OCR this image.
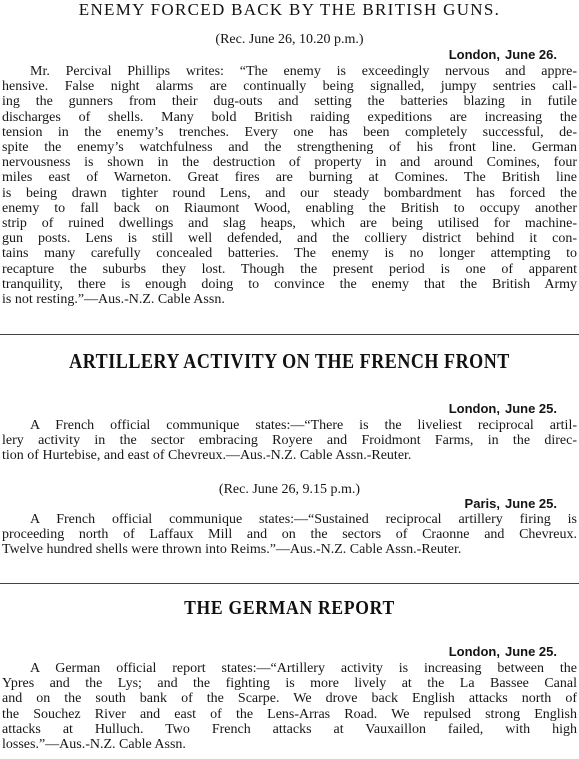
ENEMY FORCED BACK BY THE BRITISH GUNS.

(Rec. June 26, 10.20 p.m.)

London, June 26.

Mr. Percival Phillips writes: “The enemy is exceedingly nervous and appre-
hensive. False night alarms are continually being signalled, jumpy sentries call-
ing the gunners from their dug-outs and setting the batteries blazing in futile
discharges of shells. Many bold British raiding expeditions are increasing the
tension in the enemy’s trenches. Every one has been completely successful, de-
spite the enemy’s watchfulness and the strengthening of his front line. German
nervousness is shown in the destruction of property in and around Comines, four
miles east of Warneton. Great fires are burning at Comines. The British line
is being drawn tighter round Lens, and our steady bombardment has forced the
enemy to fall back on Riaumont Wood, enabling the British to occupy another
strip of ruined dwellings and slag heaps, which are being utilised for machine-
gun posts. Lens is still well defended, and the colliery district behind it con-
tains many carefully concealed batteries. The enemy is no longer attempting to
recapture the suburbs they lost. Though the present period is one of apparent
tranquility, there is enough doing to convince the enemy that the British Army
is not resting.”—Aus.-N.Z. Cable Assn.
ARTILLERY ACTIVITY ON THE FRENCH FRONT

London, June 25.

A French official communique states:—“There is the liveliest reciprocal artil-
lery activity in the sector embracing Royere and Froidmont Farms, in the direc-
tion of Hurtebise, and east of Chevreux.—Aus.-N.Z. Cable Assn.-Reuter.

(Rec. June 26, 9.15 p.m.)

Paris, June 25.

A French official communique states:—“Sustained reciprocal artillery firing is
proceeding north of Laffaux Mill and on the sectors of Craonne and Chevreux.
Twelve hundred shells were thrown into Reims.”—Aus.-N.Z. Cable Assn.-Reuter.
THE GERMAN REPORT

London, June 25.

A German official report states:—“Artillery activity is increasing between the
Ypres and the Lys; and the fighting is more lively at the La Bassee Canal
and on the south bank of the Scarpe. We drove back English attacks north of
the Souchez River and east of the Lens-Arras Road. We repulsed strong English
attacks at Hulluch. Two French attacks at Vauxaillon failed, with high
losses.”—Aus.-N.Z. Cable Assn.
